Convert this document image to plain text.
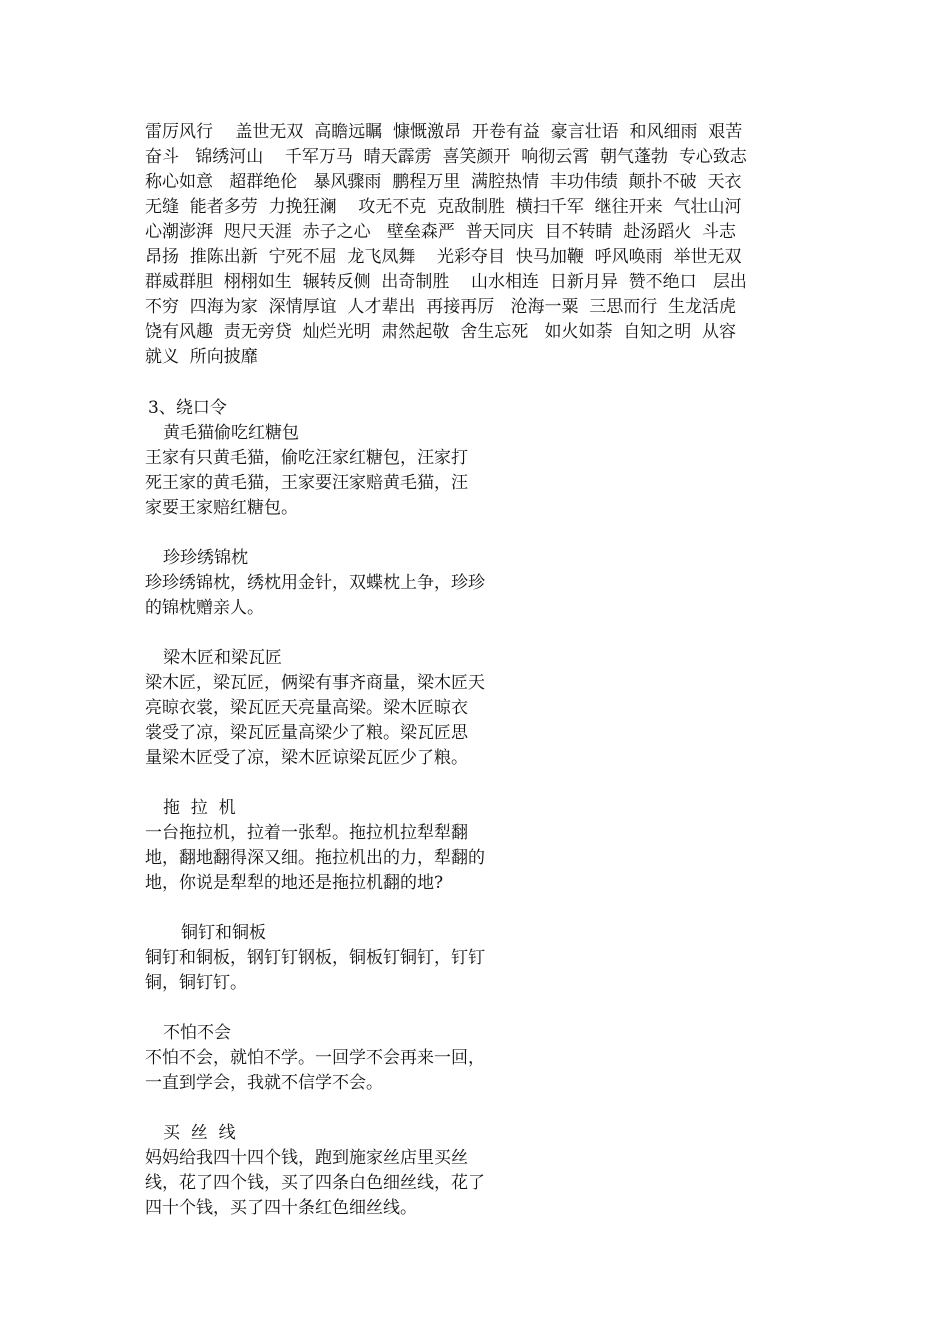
雷厉风行　 盖世无双  高瞻远瞩  慷慨激昂  开卷有益  豪言壮语  和风细雨  艰苦
奋斗   锦绣河山    千军万马  晴天霹雳  喜笑颜开  响彻云霄  朝气蓬勃  专心致志
称心如意   超群绝伦   暴风骤雨  鹏程万里  满腔热情  丰功伟绩  颠扑不破  天衣
无缝  能者多劳  力挽狂澜    攻无不克  克敌制胜  横扫千军  继往开来  气壮山河
心潮澎湃  咫尺天涯  赤子之心   壁垒森严  普天同庆  目不转睛  赴汤蹈火  斗志
昂扬  推陈出新  宁死不屈  龙飞凤舞    光彩夺目  快马加鞭  呼风唤雨  举世无双
群威群胆  栩栩如生  辗转反侧  出奇制胜    山水相连  日新月异  赞不绝口   层出
不穷  四海为家  深情厚谊  人才辈出  再接再厉   沧海一粟  三思而行  生龙活虎
饶有风趣  责无旁贷  灿烂光明  肃然起敬  舍生忘死   如火如荼  自知之明  从容
就义  所向披靡
3、绕口令
黄毛猫偷吃红糖包
王家有只黄毛猫，偷吃汪家红糖包，汪家打
死王家的黄毛猫，王家要汪家赔黄毛猫，汪
家要王家赔红糖包。
珍珍绣锦枕
珍珍绣锦枕，绣枕用金针，双蝶枕上争，珍珍
的锦枕赠亲人。
梁木匠和梁瓦匠
梁木匠，梁瓦匠，俩梁有事齐商量，梁木匠天
亮晾衣裳，梁瓦匠天亮量高梁。梁木匠晾衣
裳受了凉，梁瓦匠量高梁少了粮。梁瓦匠思
量梁木匠受了凉，梁木匠谅梁瓦匠少了粮。
拖  拉  机
一台拖拉机，拉着一张犁。拖拉机拉犁犁翻
地，翻地翻得深又细。拖拉机出的力，犁翻的
地，你说是犁犁的地还是拖拉机翻的地?
铜钉和铜板
铜钉和铜板，钢钉钉钢板，铜板钉铜钉，钉钉
铜，铜钉钉。
不怕不会
不怕不会，就怕不学。一回学不会再来一回，
一直到学会，我就不信学不会。
买  丝  线
妈妈给我四十四个钱，跑到施家丝店里买丝
线，花了四个钱，买了四条白色细丝线，花了
四十个钱，买了四十条红色细丝线。
